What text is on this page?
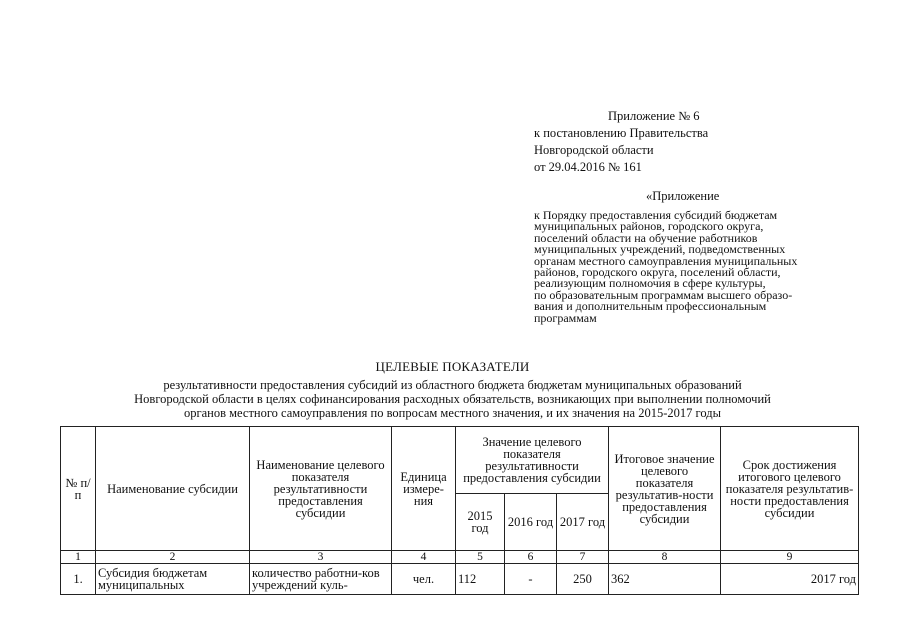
Приложение № 6
к постановлению Правительства
Новгородской области
от 29.04.2016 № 161
«Приложение
к Порядку предоставления субсидий бюджетам
муниципальных районов, городского округа,
поселений области на обучение работников
муниципальных учреждений, подведомственных
органам местного самоуправления муниципальных
районов, городского округа, поселений области,
реализующим полномочия в сфере культуры,
по образовательным программам высшего образо-
вания и дополнительным профессиональным
программам
ЦЕЛЕВЫЕ ПОКАЗАТЕЛИ
результативности предоставления субсидий из областного бюджета бюджетам муниципальных образований
Новгородской области в целях софинансирования расходных обязательств, возникающих при выполнении полномочий
органов местного самоуправления по вопросам местного значения, и их значения на 2015-2017 годы
№ п/п	Наименование субсидии	Наименование целевого показателя результативности предоставления субсидии	Единица измере-ния	Значение целевого показателя результативности предоставления субсидии			Итоговое значение целевого показателя результатив-ности предоставления субсидии	Срок достижения итогового целевого показателя результатив-ности предоставления субсидии
				2015 год	2016 год	2017 год		
1	2	3	4	5	6	7	8	9
1.	Субсидия бюджетам муниципальных	количество работни-ков учреждений куль-	чел.	112	-	250	362	2017 год
